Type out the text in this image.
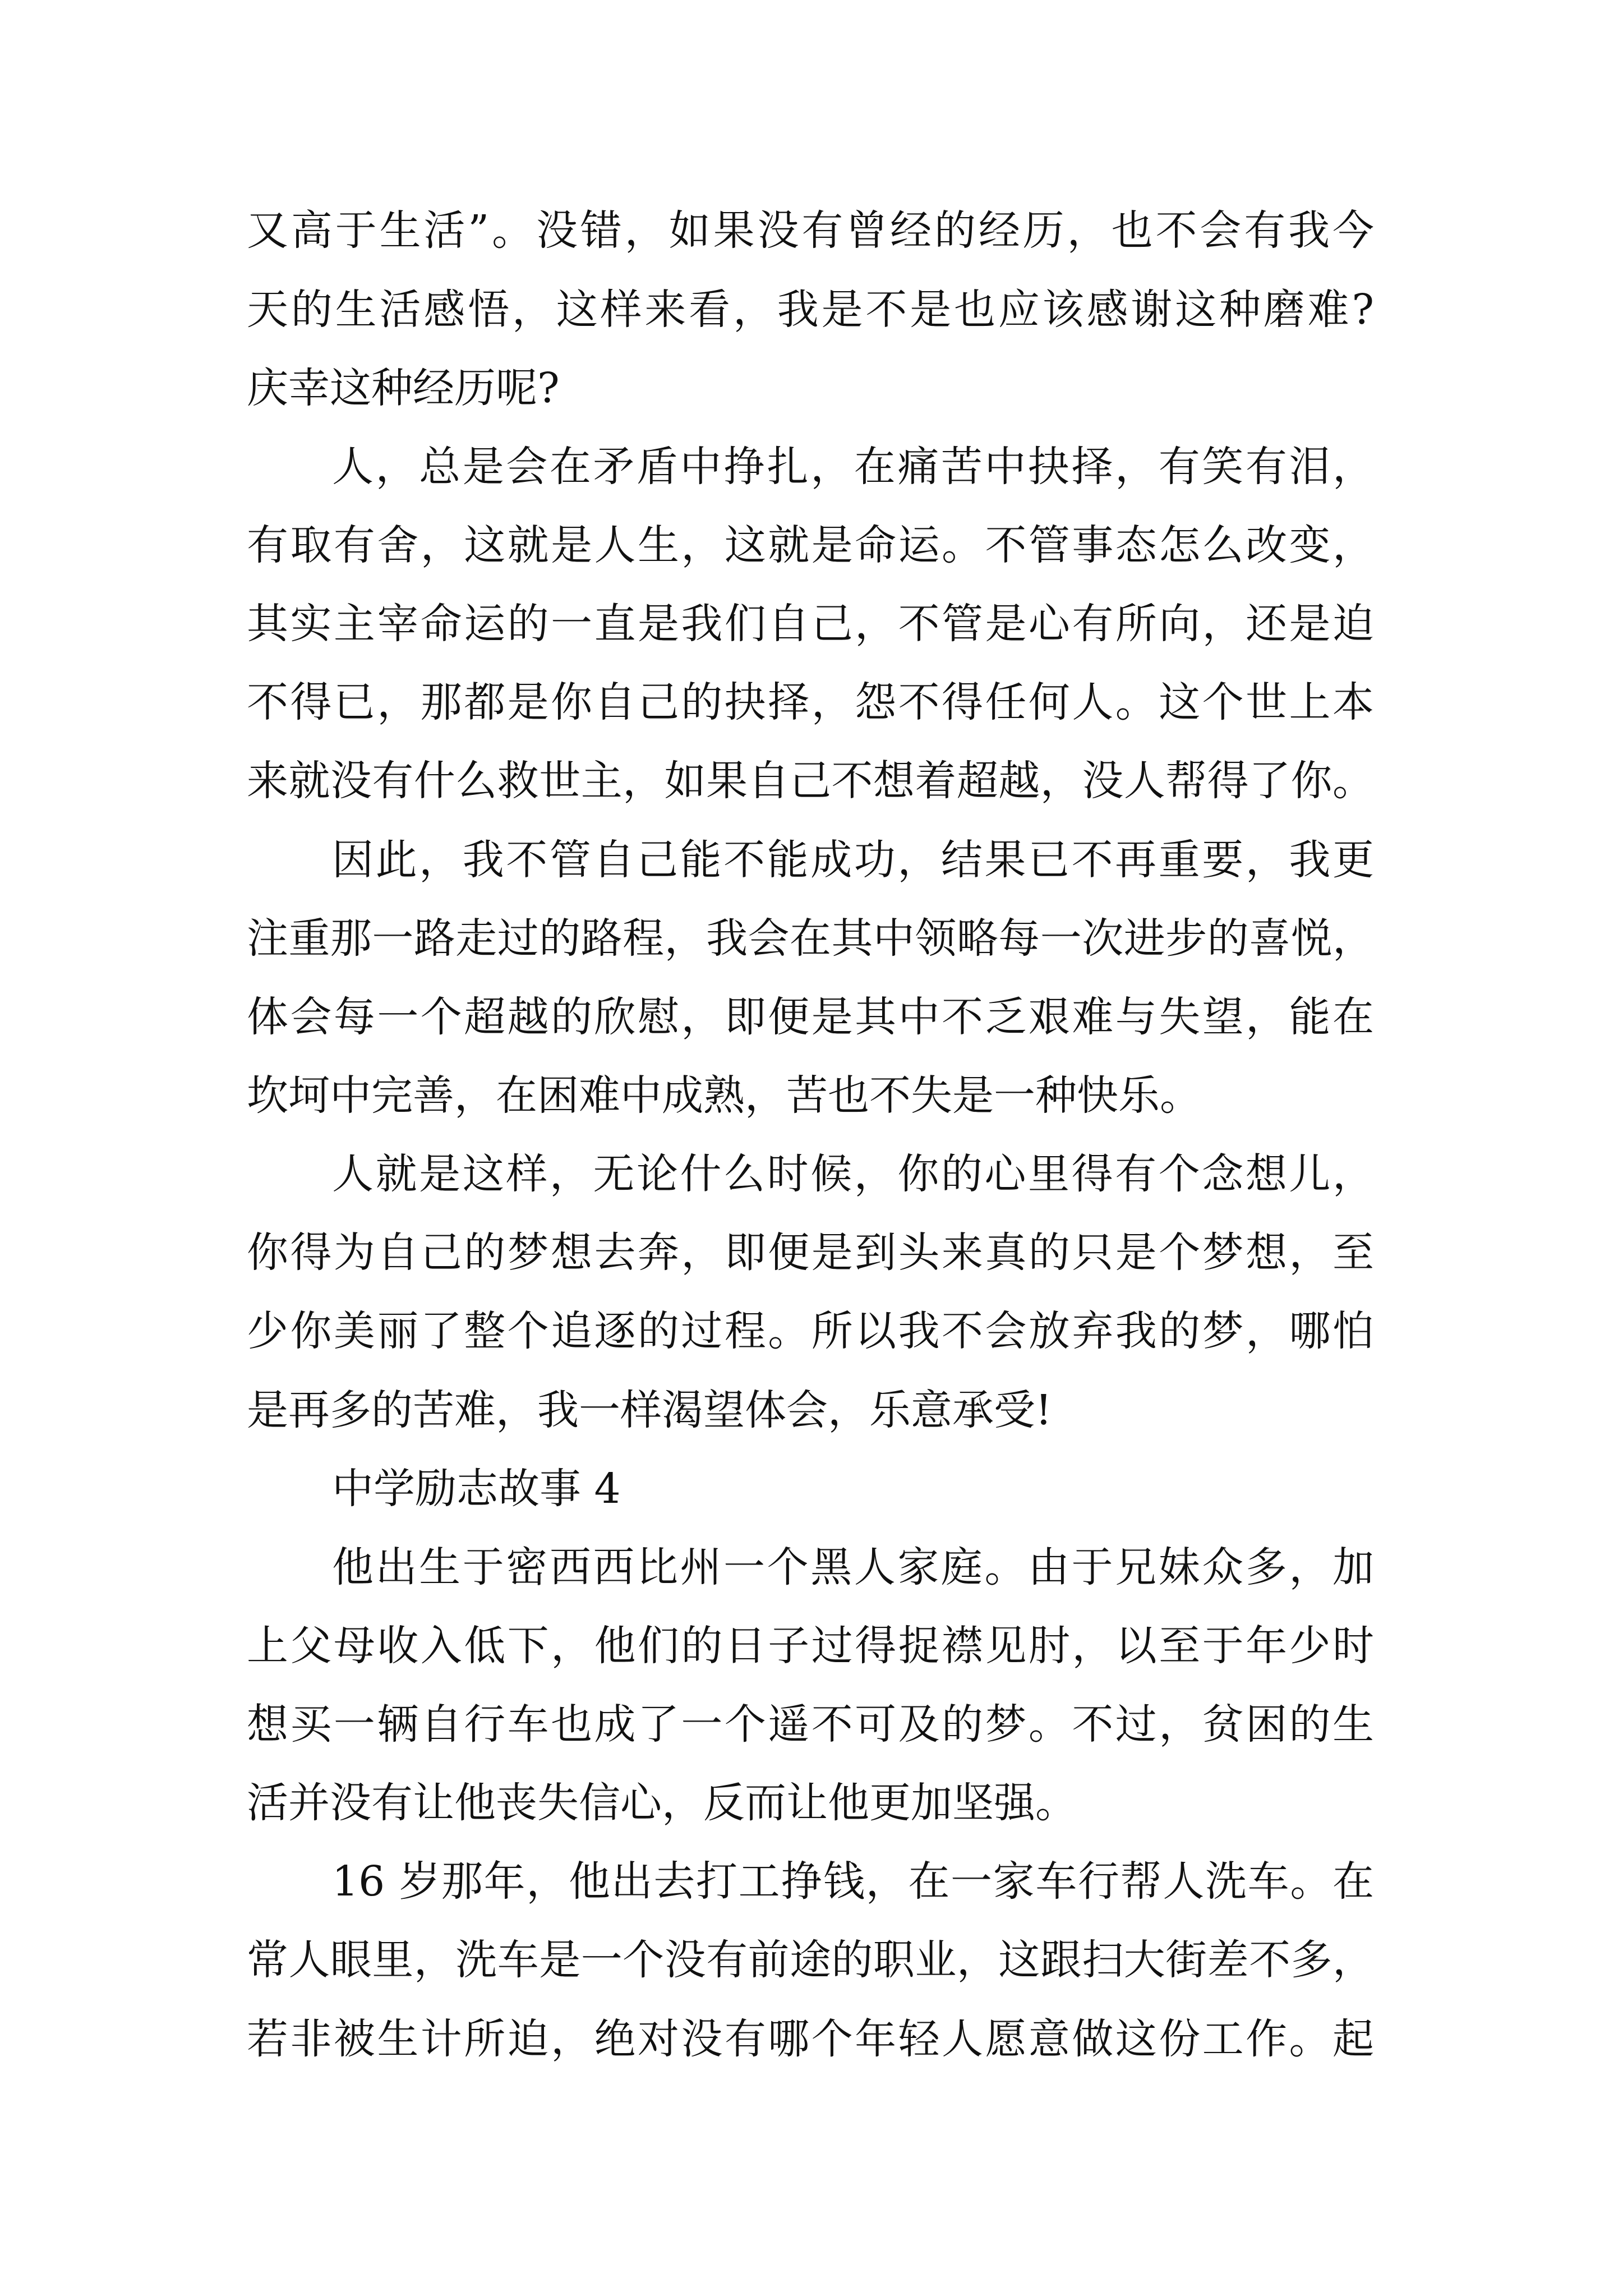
又高于生活”。没错，如果没有曾经的经历，也不会有我今

天的生活感悟，这样来看，我是不是也应该感谢这种磨难?

庆幸这种经历呢?

人，总是会在矛盾中挣扎，在痛苦中抉择，有笑有泪，

有取有舍，这就是人生，这就是命运。不管事态怎么改变，

其实主宰命运的一直是我们自己，不管是心有所向，还是迫

不得已，那都是你自己的抉择，怨不得任何人。这个世上本

来就没有什么救世主，如果自己不想着超越，没人帮得了你。

因此，我不管自己能不能成功，结果已不再重要，我更

注重那一路走过的路程，我会在其中领略每一次进步的喜悦，

体会每一个超越的欣慰，即便是其中不乏艰难与失望，能在

坎坷中完善，在困难中成熟，苦也不失是一种快乐。

人就是这样，无论什么时候，你的心里得有个念想儿，

你得为自己的梦想去奔，即便是到头来真的只是个梦想，至

少你美丽了整个追逐的过程。所以我不会放弃我的梦，哪怕

是再多的苦难，我一样渴望体会，乐意承受!

中学励志故事 4

他出生于密西西比州一个黑人家庭。由于兄妹众多，加

上父母收入低下，他们的日子过得捉襟见肘，以至于年少时

想买一辆自行车也成了一个遥不可及的梦。不过，贫困的生

活并没有让他丧失信心，反而让他更加坚强。

16 岁那年，他出去打工挣钱，在一家车行帮人洗车。在

常人眼里，洗车是一个没有前途的职业，这跟扫大街差不多，

若非被生计所迫，绝对没有哪个年轻人愿意做这份工作。起
